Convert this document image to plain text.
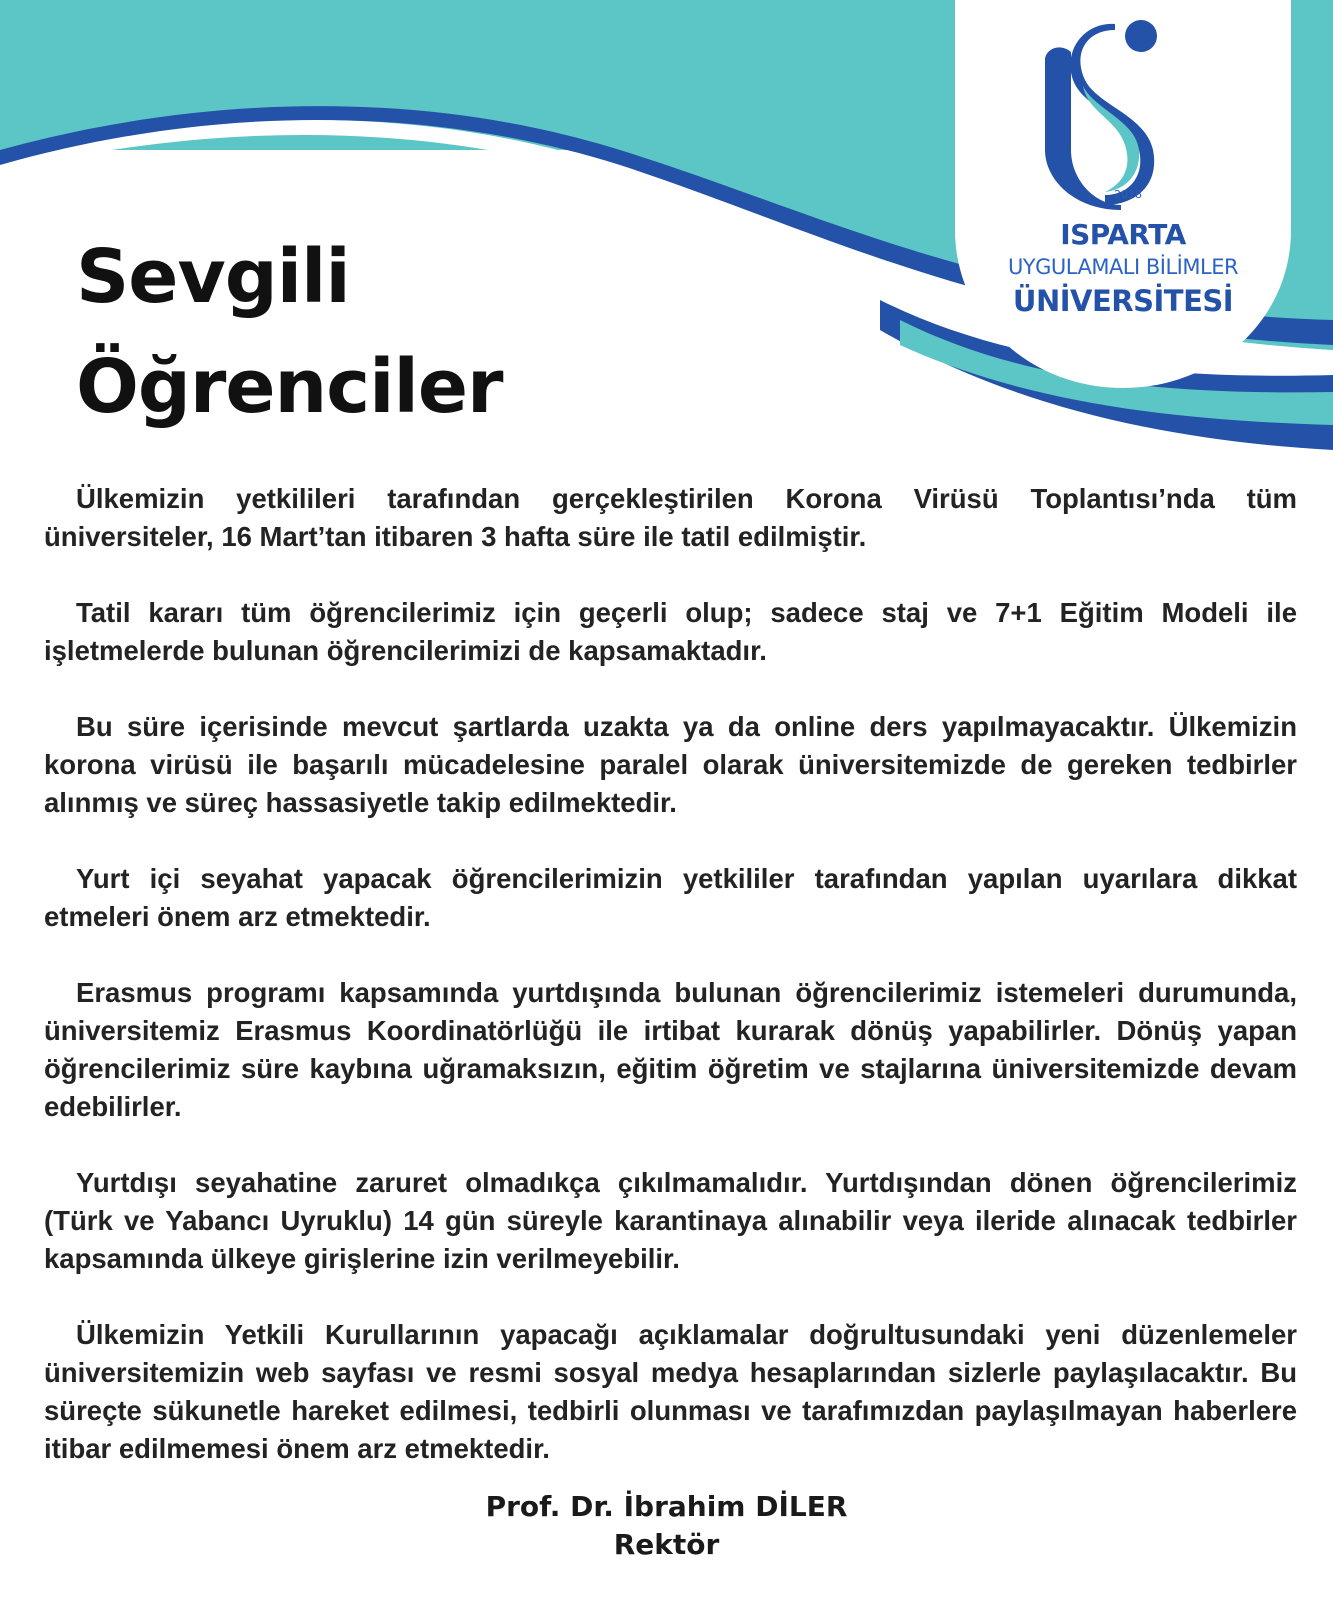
2018
ISPARTA
UYGULAMALI BİLİMLER
ÜNİVERSİTESİ
Sevgili
Öğrenciler

Ülkemizin yetkilileri tarafından gerçekleştirilen Korona Virüsü Toplantısı’nda tüm üniversiteler, 16 Mart’tan itibaren 3 hafta süre ile tatil edilmiştir.

Tatil kararı tüm öğrencilerimiz için geçerli olup; sadece staj ve 7+1 Eğitim Modeli ile işletmelerde bulunan öğrencilerimizi de kapsamaktadır.

Bu süre içerisinde mevcut şartlarda uzakta ya da online ders yapılmayacaktır. Ülkemizin korona virüsü ile başarılı mücadelesine paralel olarak üniversitemizde de gereken tedbirler alınmış ve süreç hassasiyetle takip edilmektedir.

Yurt içi seyahat yapacak öğrencilerimizin yetkililer tarafından yapılan uyarılara dikkat etmeleri önem arz etmektedir.

Erasmus programı kapsamında yurtdışında bulunan öğrencilerimiz istemeleri durumunda, üniversitemiz Erasmus Koordinatörlüğü ile irtibat kurarak dönüş yapabilirler. Dönüş yapan öğrencilerimiz süre kaybına uğramaksızın, eğitim öğretim ve stajlarına üniversitemizde devam edebilirler.

Yurtdışı seyahatine zaruret olmadıkça çıkılmamalıdır. Yurtdışından dönen öğrencilerimiz (Türk ve Yabancı Uyruklu) 14 gün süreyle karantinaya alınabilir veya ileride alınacak tedbirler kapsamında ülkeye girişlerine izin verilmeyebilir.

Ülkemizin Yetkili Kurullarının yapacağı açıklamalar doğrultusundaki yeni düzenlemeler üniversitemizin web sayfası ve resmi sosyal medya hesaplarından sizlerle paylaşılacaktır. Bu süreçte sükunetle hareket edilmesi, tedbirli olunması ve tarafımızdan paylaşılmayan haberlere itibar edilmemesi önem arz etmektedir.

Prof. Dr. İbrahim DİLER
Rektör
